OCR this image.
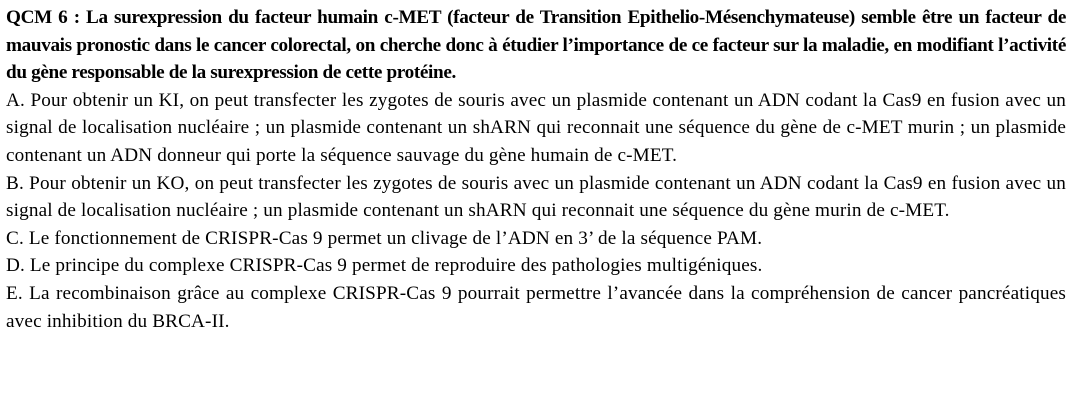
QCM 6 : La surexpression du facteur humain c-MET (facteur de Transition Epithelio-Mésenchymateuse) semble être un facteur de mauvais pronostic dans le cancer colorectal, on cherche donc à étudier l’importance de ce facteur sur la maladie, en modifiant l’activité du gène responsable de la surexpression de cette protéine.

A. Pour obtenir un KI, on peut transfecter les zygotes de souris avec un plasmide contenant un ADN codant la Cas9 en fusion avec un signal de localisation nucléaire ; un plasmide contenant un shARN qui reconnait une séquence du gène de c-MET murin ; un plasmide contenant un ADN donneur qui porte la séquence sauvage du gène humain de c-MET.

B. Pour obtenir un KO, on peut transfecter les zygotes de souris avec un plasmide contenant un ADN codant la Cas9 en fusion avec un signal de localisation nucléaire ; un plasmide contenant un shARN qui reconnait une séquence du gène murin de c-MET.

C. Le fonctionnement de CRISPR-Cas 9 permet un clivage de l’ADN en 3’ de la séquence PAM.

D. Le principe du complexe CRISPR-Cas 9 permet de reproduire des pathologies multigéniques.

E. La recombinaison grâce au complexe CRISPR-Cas 9 pourrait permettre l’avancée dans la compréhension de cancer pancréatiques avec inhibition du BRCA-II.
